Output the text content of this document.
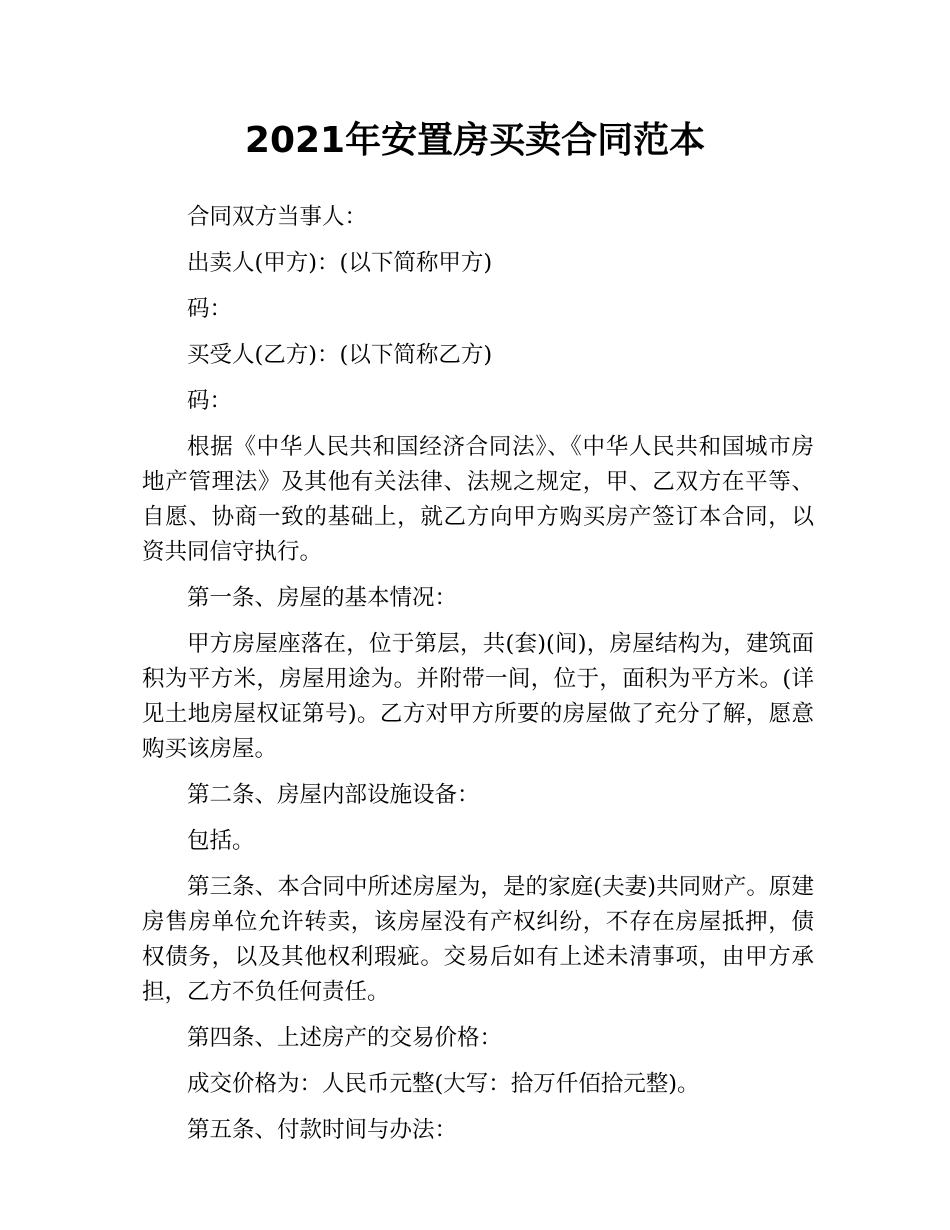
2021年安置房买卖合同范本

合同双方当事人：

出卖人(甲方)：(以下简称甲方)

码：

买受人(乙方)：(以下简称乙方)

码：

根据《中华人民共和国经济合同法》、《中华人民共和国城市房地产管理法》及其他有关法律、法规之规定，甲、乙双方在平等、自愿、协商一致的基础上，就乙方向甲方购买房产签订本合同，以资共同信守执行。

第一条、房屋的基本情况：

甲方房屋座落在，位于第层，共(套)(间)，房屋结构为，建筑面积为平方米，房屋用途为。并附带一间，位于，面积为平方米。(详见土地房屋权证第号)。乙方对甲方所要的房屋做了充分了解，愿意购买该房屋。

第二条、房屋内部设施设备：

包括。

第三条、本合同中所述房屋为，是的家庭(夫妻)共同财产。原建房售房单位允许转卖，该房屋没有产权纠纷，不存在房屋抵押，债权债务，以及其他权利瑕疵。交易后如有上述未清事项，由甲方承担，乙方不负任何责任。

第四条、上述房产的交易价格：

成交价格为：人民币元整(大写：拾万仟佰拾元整)。

第五条、付款时间与办法：
